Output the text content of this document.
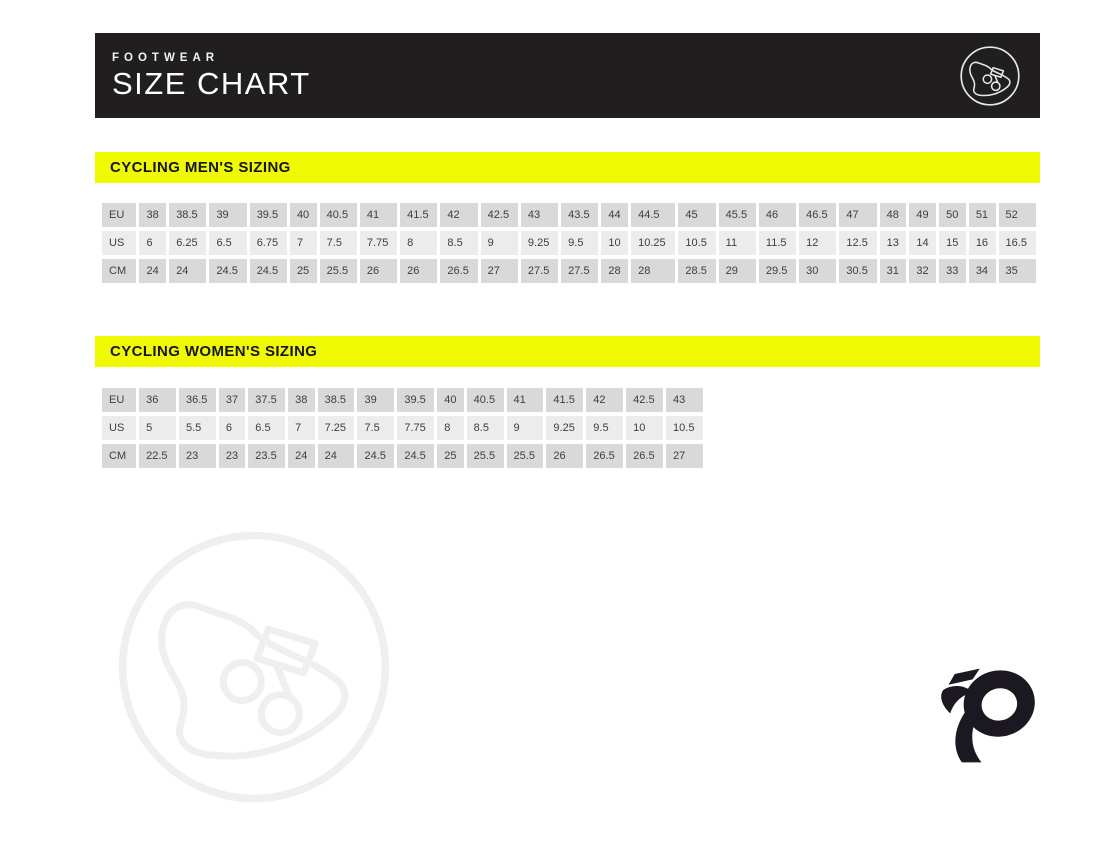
FOOTWEAR
SIZE CHART
CYCLING MEN'S SIZING
EU	38	38.5	39	39.5	40	40.5	41	41.5	42	42.5	43	43.5	44	44.5	45	45.5	46	46.5	47	48	49	50	51	52
US	6	6.25	6.5	6.75	7	7.5	7.75	8	8.5	9	9.25	9.5	10	10.25	10.5	11	11.5	12	12.5	13	14	15	16	16.5
CM	24	24	24.5	24.5	25	25.5	26	26	26.5	27	27.5	27.5	28	28	28.5	29	29.5	30	30.5	31	32	33	34	35
CYCLING WOMEN'S SIZING
EU	36	36.5	37	37.5	38	38.5	39	39.5	40	40.5	41	41.5	42	42.5	43
US	5	5.5	6	6.5	7	7.25	7.5	7.75	8	8.5	9	9.25	9.5	10	10.5
CM	22.5	23	23	23.5	24	24	24.5	24.5	25	25.5	25.5	26	26.5	26.5	27
